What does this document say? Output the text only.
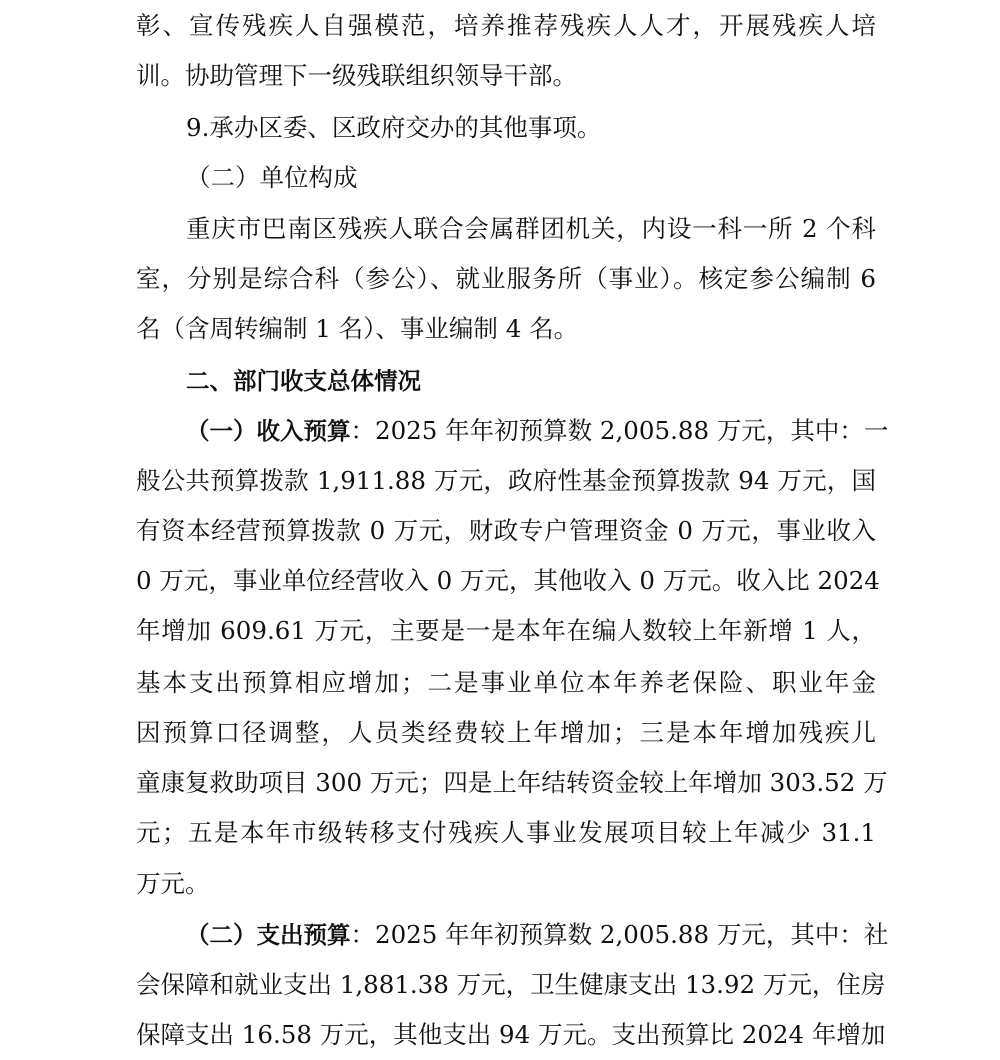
彰、宣传残疾人自强模范，培养推荐残疾人人才，开展残疾人培
训。协助管理下一级残联组织领导干部。
9.承办区委、区政府交办的其他事项。
（二）单位构成
重庆市巴南区残疾人联合会属群团机关，内设一科一所 2 个科
室，分别是综合科（参公）、就业服务所（事业）。核定参公编制 6
名（含周转编制 1 名）、事业编制 4 名。
二、部门收支总体情况
（一）收入预算：2025 年年初预算数 2,005.88 万元，其中：一
般公共预算拨款 1,911.88 万元，政府性基金预算拨款 94 万元，国
有资本经营预算拨款 0 万元，财政专户管理资金 0 万元，事业收入
0 万元，事业单位经营收入 0 万元，其他收入 0 万元。收入比 2024
年增加 609.61 万元，主要是一是本年在编人数较上年新增 1 人，
基本支出预算相应增加；二是事业单位本年养老保险、职业年金
因预算口径调整，人员类经费较上年增加；三是本年增加残疾儿
童康复救助项目 300 万元；四是上年结转资金较上年增加 303.52 万
元；五是本年市级转移支付残疾人事业发展项目较上年减少 31.1
万元。
（二）支出预算：2025 年年初预算数 2,005.88 万元，其中：社
会保障和就业支出 1,881.38 万元，卫生健康支出 13.92 万元，住房
保障支出 16.58 万元，其他支出 94 万元。支出预算比 2024 年增加
